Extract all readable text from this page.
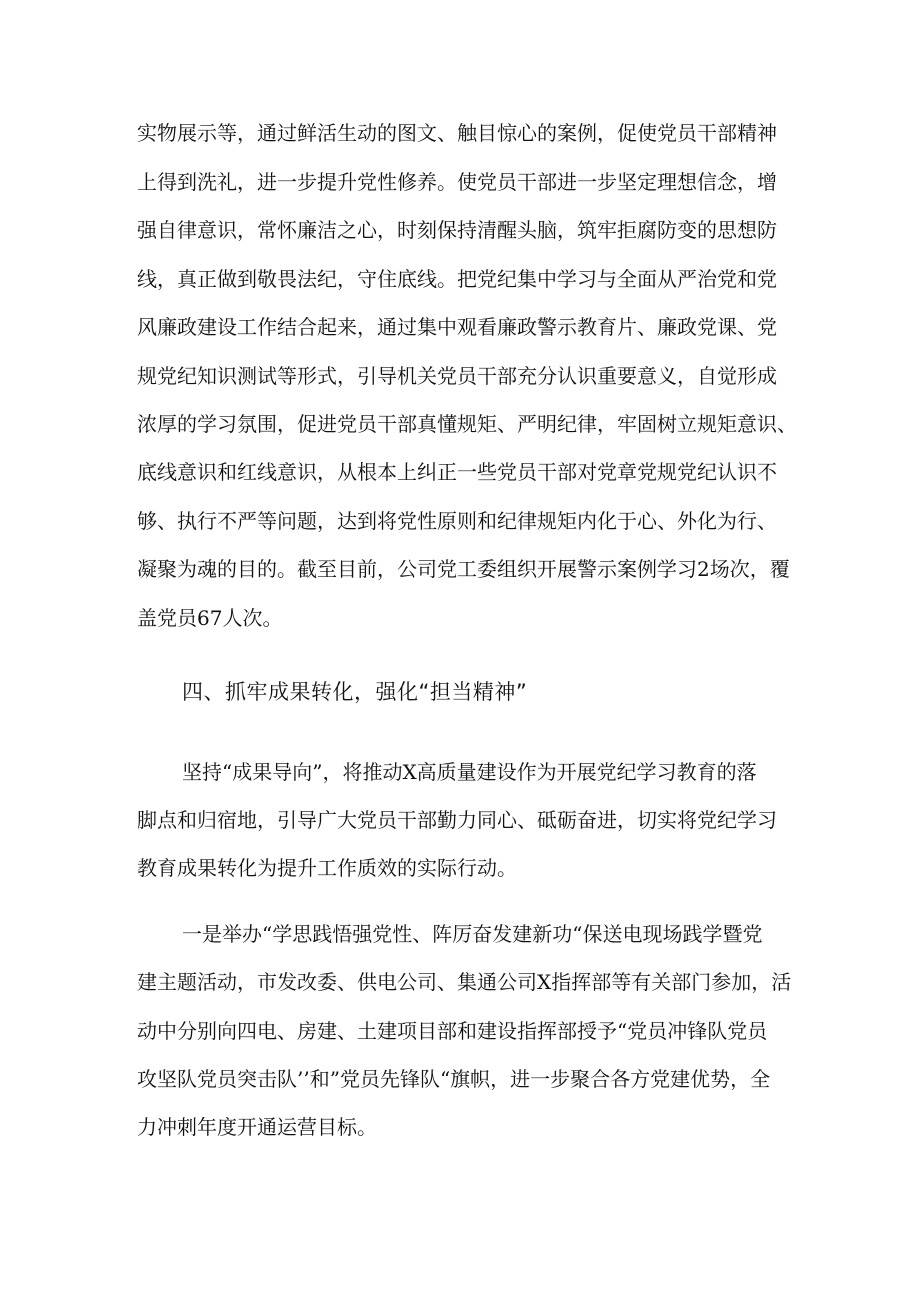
实物展示等，通过鲜活生动的图文、触目惊心的案例，促使党员干部精神

上得到洗礼，进一步提升党性修养。使党员干部进一步坚定理想信念，增

强自律意识，常怀廉洁之心，时刻保持清醒头脑，筑牢拒腐防变的思想防

线，真正做到敬畏法纪，守住底线。把党纪集中学习与全面从严治党和党

风廉政建设工作结合起来，通过集中观看廉政警示教育片、廉政党课、党

规党纪知识测试等形式，引导机关党员干部充分认识重要意义，自觉形成

浓厚的学习氛围，促进党员干部真懂规矩、严明纪律，牢固树立规矩意识、

底线意识和红线意识，从根本上纠正一些党员干部对党章党规党纪认识不

够、执行不严等问题，达到将党性原则和纪律规矩内化于心、外化为行、

凝聚为魂的目的。截至目前，公司党工委组织开展警示案例学习2场次，覆

盖党员67人次。

四、抓牢成果转化，强化“担当精神”

坚持“成果导向”，将推动X高质量建设作为开展党纪学习教育的落

脚点和归宿地，引导广大党员干部勤力同心、砥砺奋进，切实将党纪学习

教育成果转化为提升工作质效的实际行动。

一是举办“学思践悟强党性、阵厉奋发建新功“保送电现场践学暨党

建主题活动，市发改委、供电公司、集通公司X指挥部等有关部门参加，活

动中分别向四电、房建、土建项目部和建设指挥部授予“党员冲锋队党员

攻坚队党员突击队’’和”党员先锋队“旗帜，进一步聚合各方党建优势，全

力冲刺年度开通运营目标。
